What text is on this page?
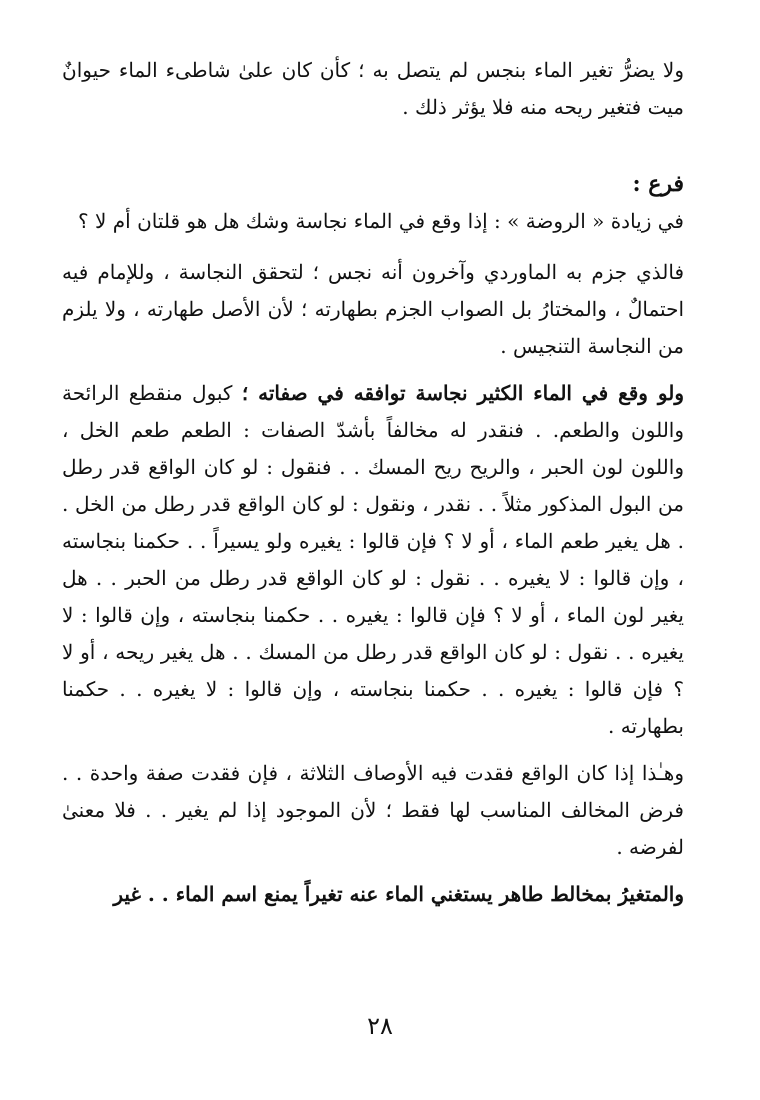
ولا يضرُّ تغير الماء بنجس لم يتصل به ؛ كأن كان علىٰ شاطىء الماء حيوانٌ ميت فتغير ريحه منه فلا يؤثر ذلك .

فرع :

في زيادة « الروضة » : إذا وقع في الماء نجاسة وشك هل هو قلتان أم لا ؟

فالذي جزم به الماوردي وآخرون أنه نجس ؛ لتحقق النجاسة ، وللإمام فيه احتمالٌ ، والمختارُ بل الصواب الجزم بطهارته ؛ لأن الأصل طهارته ، ولا يلزم من النجاسة التنجيس .

ولو وقع في الماء الكثير نجاسة توافقه في صفاته ؛ كبول منقطع الرائحة واللون والطعم. . فنقدر له مخالفاً بأشدّ الصفات : الطعم طعم الخل ، واللون لون الحبر ، والريح ريح المسك . . فنقول : لو كان الواقع قدر رطل من البول المذكور مثلاً . . نقدر ، ونقول : لو كان الواقع قدر رطل من الخل . . هل يغير طعم الماء ، أو لا ؟ فإن قالوا : يغيره ولو يسيراً . . حكمنا بنجاسته ، وإن قالوا : لا يغيره . . نقول : لو كان الواقع قدر رطل من الحبر . . هل يغير لون الماء ، أو لا ؟ فإن قالوا : يغيره . . حكمنا بنجاسته ، وإن قالوا : لا يغيره . . نقول : لو كان الواقع قدر رطل من المسك . . هل يغير ريحه ، أو لا ؟ فإن قالوا : يغيره . . حكمنا بنجاسته ، وإن قالوا : لا يغيره . . حكمنا بطهارته .

وهـٰذا إذا كان الواقع فقدت فيه الأوصاف الثلاثة ، فإن فقدت صفة واحدة . . فرض المخالف المناسب لها فقط ؛ لأن الموجود إذا لم يغير . . فلا معنىٰ لفرضه .

والمتغيرُ بمخالط طاهر يستغني الماء عنه تغيراً يمنع اسم الماء . . غير

٢٨
